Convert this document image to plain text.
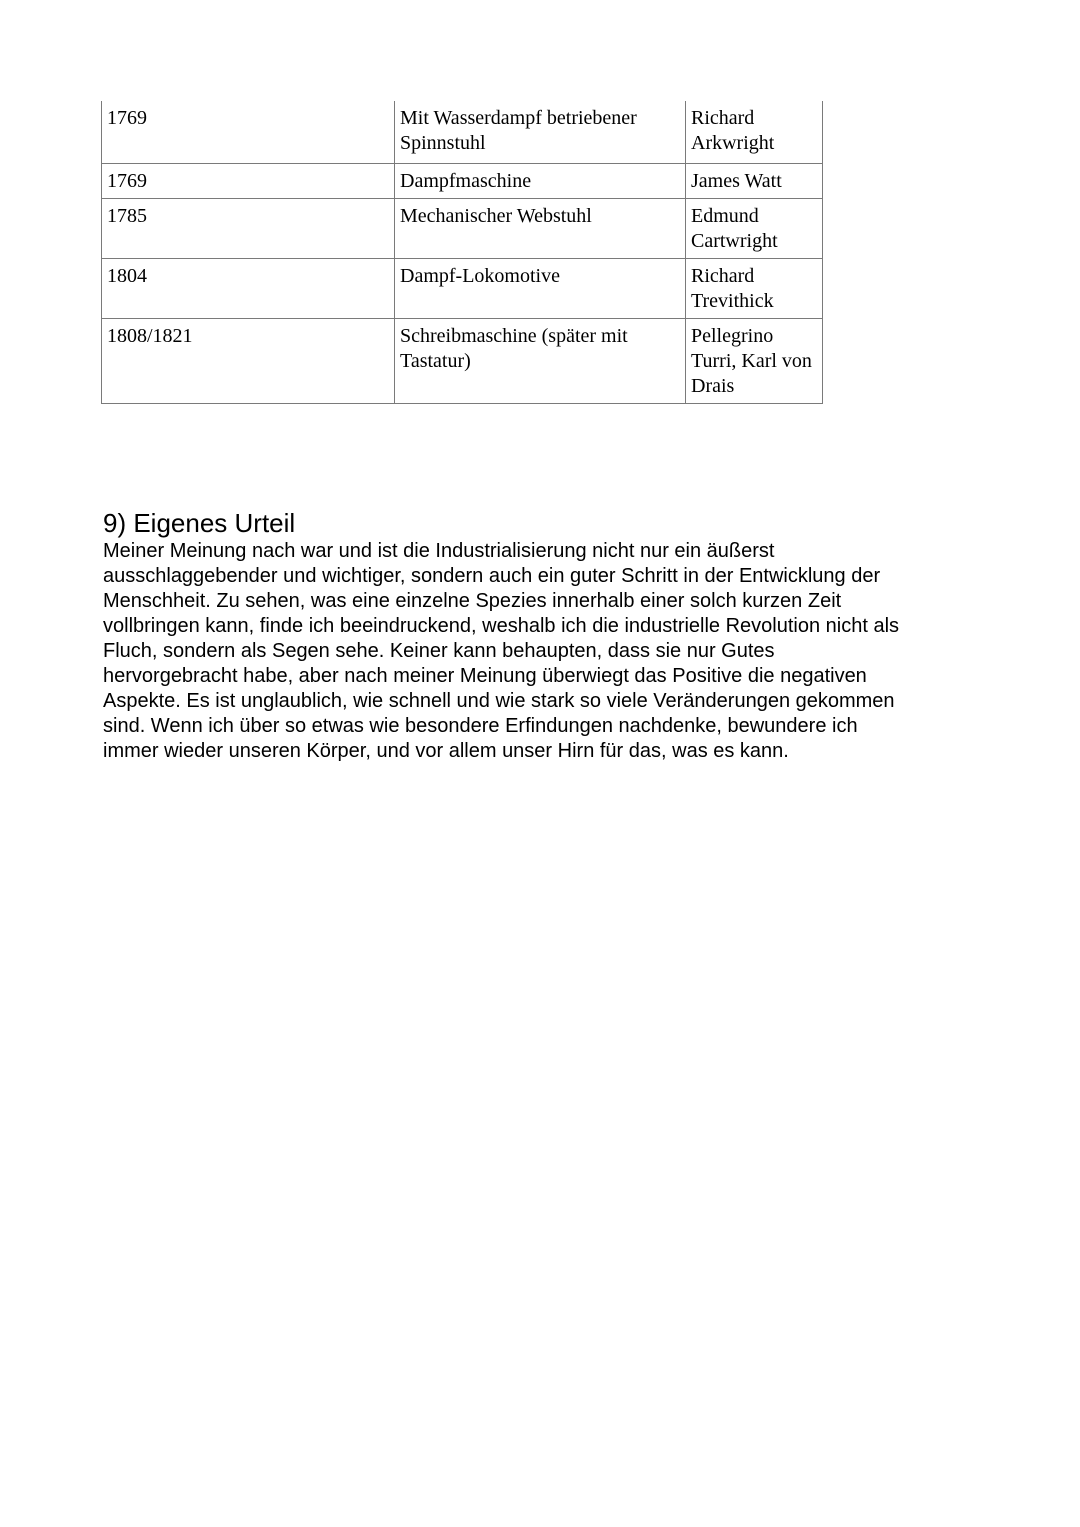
1769	Mit Wasserdampf betriebener Spinnstuhl	Richard Arkwright
1769	Dampfmaschine	James Watt
1785	Mechanischer Webstuhl	Edmund Cartwright
1804	Dampf-Lokomotive	Richard Trevithick
1808/1821	Schreibmaschine (später mit Tastatur)	Pellegrino Turri, Karl von Drais
9) Eigenes Urteil

Meiner Meinung nach war und ist die Industrialisierung nicht nur ein äußerst
ausschlaggebender und wichtiger, sondern auch ein guter Schritt in der Entwicklung der
Menschheit. Zu sehen, was eine einzelne Spezies innerhalb einer solch kurzen Zeit
vollbringen kann, finde ich beeindruckend, weshalb ich die industrielle Revolution nicht als
Fluch, sondern als Segen sehe. Keiner kann behaupten, dass sie nur Gutes
hervorgebracht habe, aber nach meiner Meinung überwiegt das Positive die negativen
Aspekte. Es ist unglaublich, wie schnell und wie stark so viele Veränderungen gekommen
sind. Wenn ich über so etwas wie besondere Erfindungen nachdenke, bewundere ich
immer wieder unseren Körper, und vor allem unser Hirn für das, was es kann.
